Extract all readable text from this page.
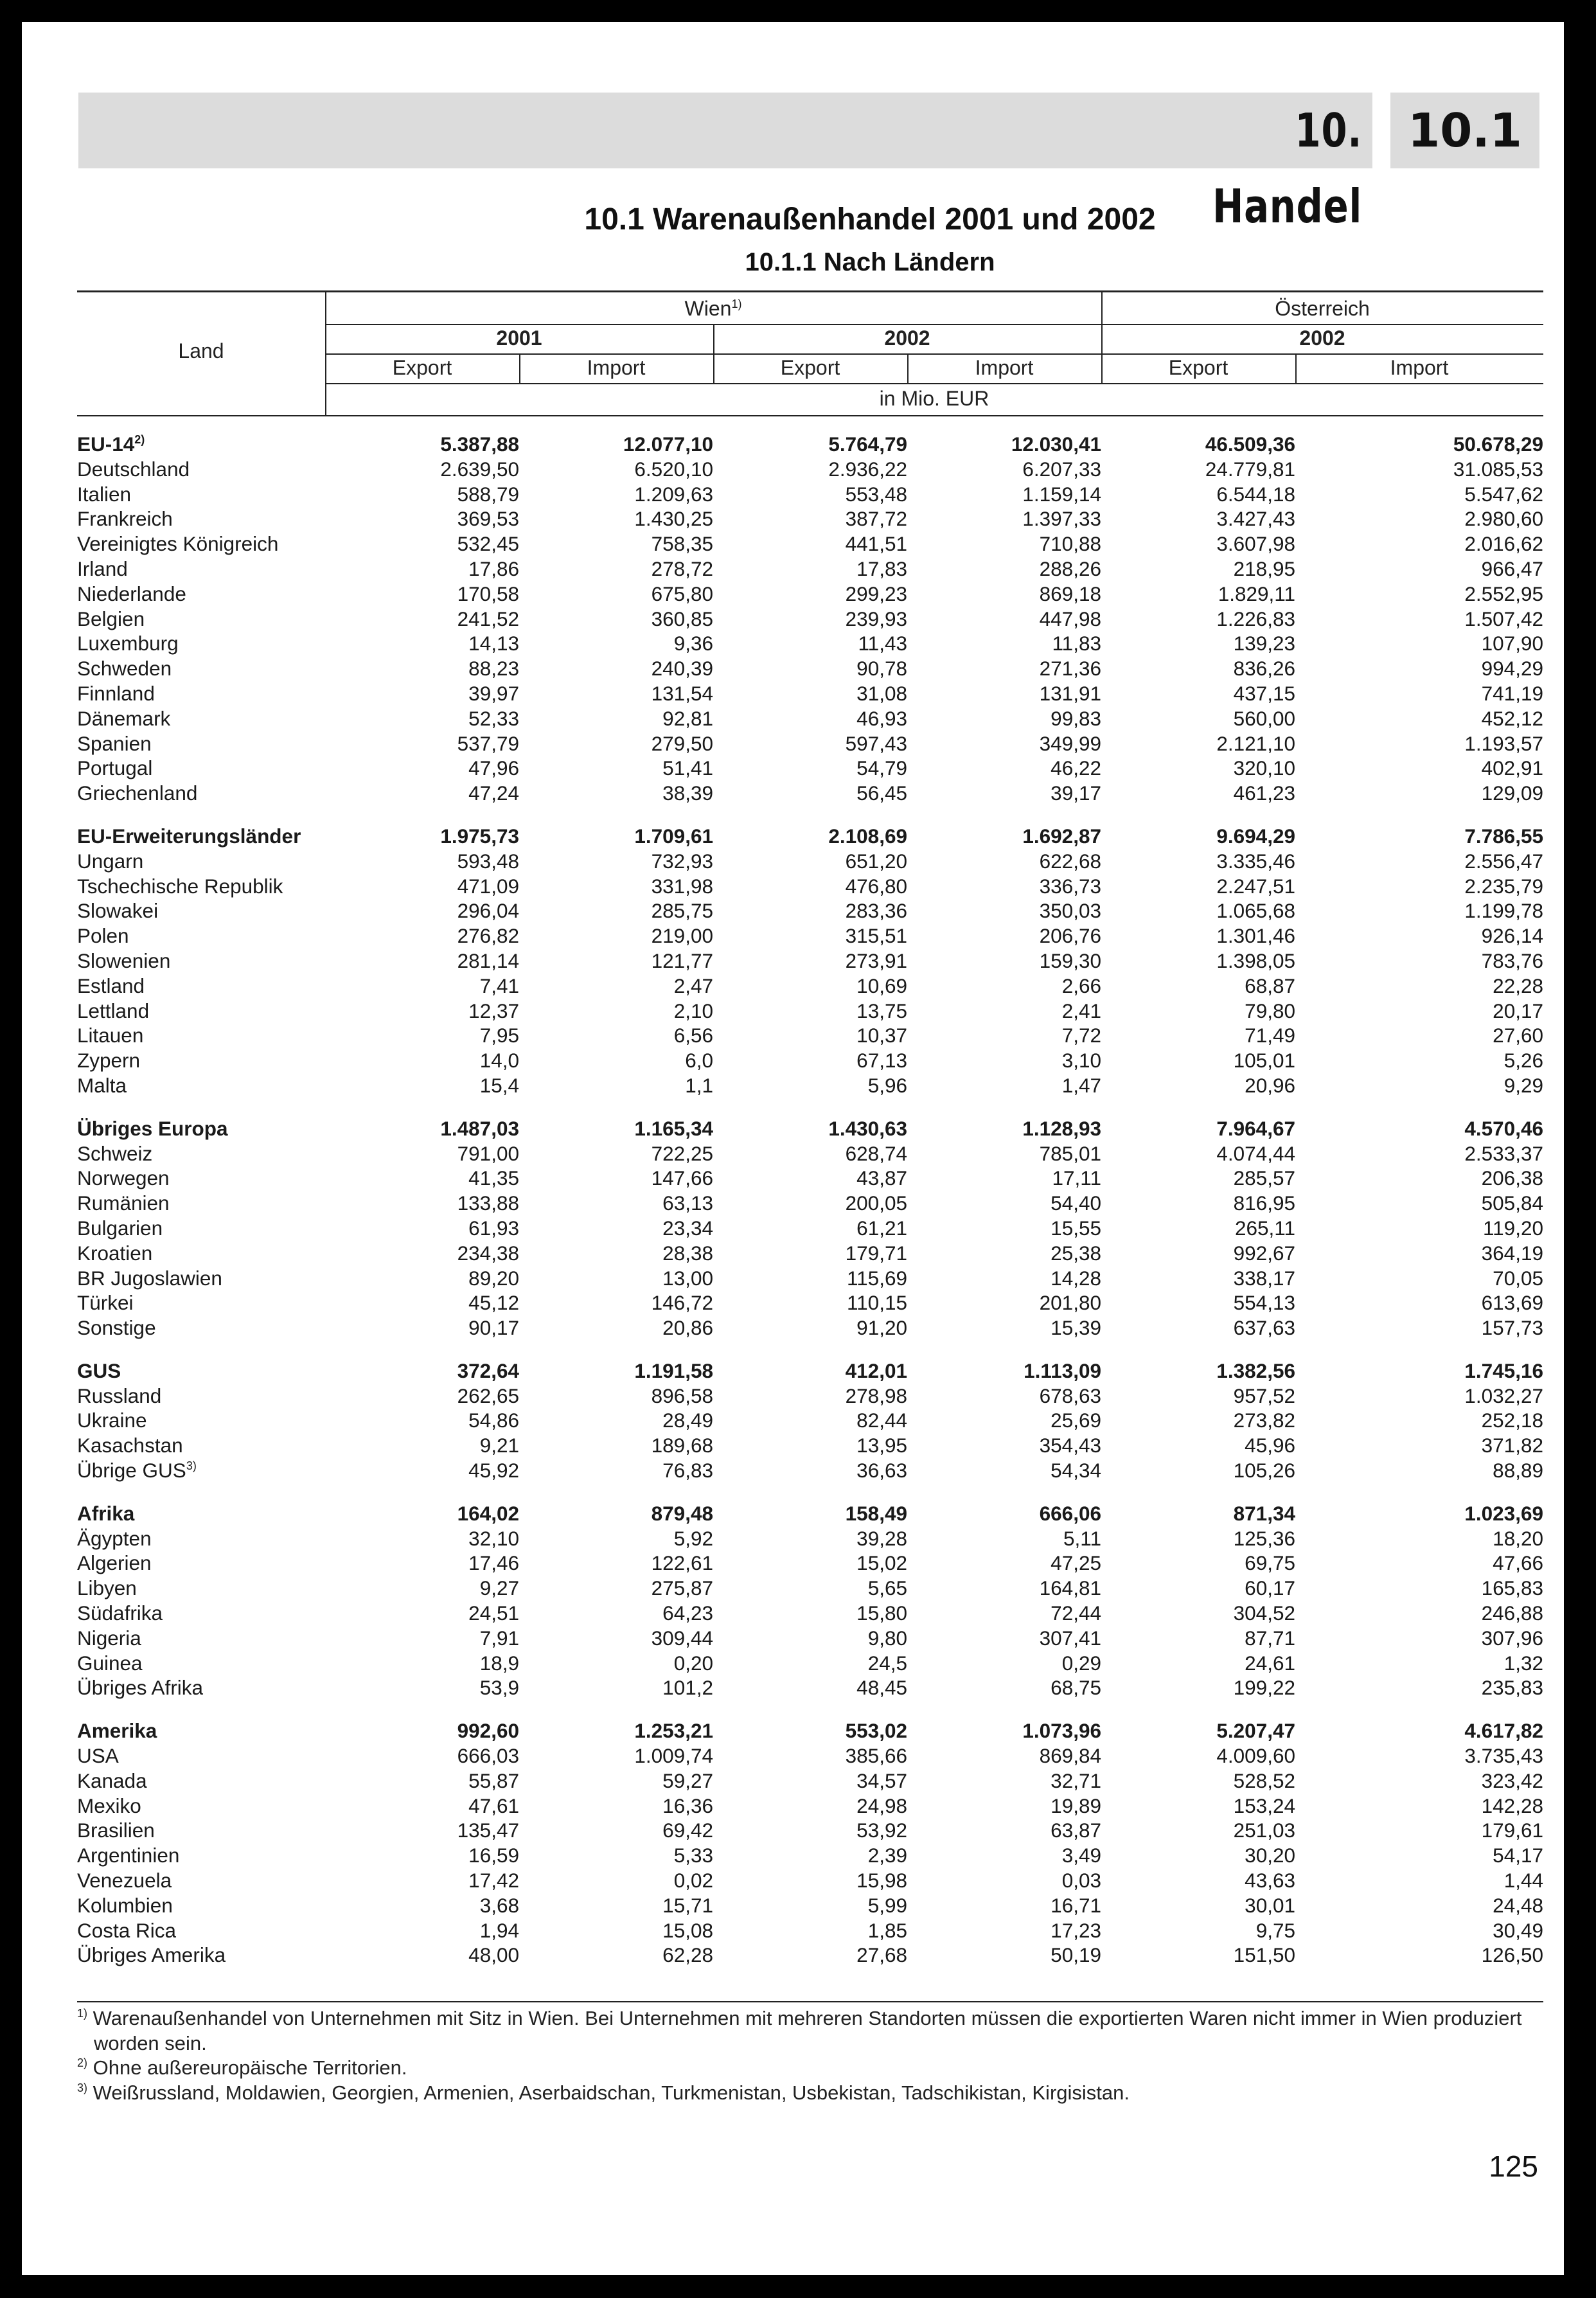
10. Handel
10.1
10.1 Warenaußenhandel 2001 und 2002
10.1.1 Nach Ländern
Land
Wien$^{1)}$	Österreich
2001	2002	2002
Export	Import	Export	Import	Export	Import
in Mio. EUR
EU-14$^{2)}$	5.387,88	12.077,10	5.764,79	12.030,41	46.509,36	50.678,29
Deutschland	2.639,50	6.520,10	2.936,22	6.207,33	24.779,81	31.085,53
Italien	588,79	1.209,63	553,48	1.159,14	6.544,18	5.547,62
Frankreich	369,53	1.430,25	387,72	1.397,33	3.427,43	2.980,60
Vereinigtes Königreich	532,45	758,35	441,51	710,88	3.607,98	2.016,62
Irland	17,86	278,72	17,83	288,26	218,95	966,47
Niederlande	170,58	675,80	299,23	869,18	1.829,11	2.552,95
Belgien	241,52	360,85	239,93	447,98	1.226,83	1.507,42
Luxemburg	14,13	9,36	11,43	11,83	139,23	107,90
Schweden	88,23	240,39	90,78	271,36	836,26	994,29
Finnland	39,97	131,54	31,08	131,91	437,15	741,19
Dänemark	52,33	92,81	46,93	99,83	560,00	452,12
Spanien	537,79	279,50	597,43	349,99	2.121,10	1.193,57
Portugal	47,96	51,41	54,79	46,22	320,10	402,91
Griechenland	47,24	38,39	56,45	39,17	461,23	129,09

EU-Erweiterungsländer	1.975,73	1.709,61	2.108,69	1.692,87	9.694,29	7.786,55
Ungarn	593,48	732,93	651,20	622,68	3.335,46	2.556,47
Tschechische Republik	471,09	331,98	476,80	336,73	2.247,51	2.235,79
Slowakei	296,04	285,75	283,36	350,03	1.065,68	1.199,78
Polen	276,82	219,00	315,51	206,76	1.301,46	926,14
Slowenien	281,14	121,77	273,91	159,30	1.398,05	783,76
Estland	7,41	2,47	10,69	2,66	68,87	22,28
Lettland	12,37	2,10	13,75	2,41	79,80	20,17
Litauen	7,95	6,56	10,37	7,72	71,49	27,60
Zypern	14,0	6,0	67,13	3,10	105,01	5,26
Malta	15,4	1,1	5,96	1,47	20,96	9,29

Übriges Europa	1.487,03	1.165,34	1.430,63	1.128,93	7.964,67	4.570,46
Schweiz	791,00	722,25	628,74	785,01	4.074,44	2.533,37
Norwegen	41,35	147,66	43,87	17,11	285,57	206,38
Rumänien	133,88	63,13	200,05	54,40	816,95	505,84
Bulgarien	61,93	23,34	61,21	15,55	265,11	119,20
Kroatien	234,38	28,38	179,71	25,38	992,67	364,19
BR Jugoslawien	89,20	13,00	115,69	14,28	338,17	70,05
Türkei	45,12	146,72	110,15	201,80	554,13	613,69
Sonstige	90,17	20,86	91,20	15,39	637,63	157,73

GUS	372,64	1.191,58	412,01	1.113,09	1.382,56	1.745,16
Russland	262,65	896,58	278,98	678,63	957,52	1.032,27
Ukraine	54,86	28,49	82,44	25,69	273,82	252,18
Kasachstan	9,21	189,68	13,95	354,43	45,96	371,82
Übrige GUS$^{3)}$	45,92	76,83	36,63	54,34	105,26	88,89

Afrika	164,02	879,48	158,49	666,06	871,34	1.023,69
Ägypten	32,10	5,92	39,28	5,11	125,36	18,20
Algerien	17,46	122,61	15,02	47,25	69,75	47,66
Libyen	9,27	275,87	5,65	164,81	60,17	165,83
Südafrika	24,51	64,23	15,80	72,44	304,52	246,88
Nigeria	7,91	309,44	9,80	307,41	87,71	307,96
Guinea	18,9	0,20	24,5	0,29	24,61	1,32
Übriges Afrika	53,9	101,2	48,45	68,75	199,22	235,83

Amerika	992,60	1.253,21	553,02	1.073,96	5.207,47	4.617,82
USA	666,03	1.009,74	385,66	869,84	4.009,60	3.735,43
Kanada	55,87	59,27	34,57	32,71	528,52	323,42
Mexiko	47,61	16,36	24,98	19,89	153,24	142,28
Brasilien	135,47	69,42	53,92	63,87	251,03	179,61
Argentinien	16,59	5,33	2,39	3,49	30,20	54,17
Venezuela	17,42	0,02	15,98	0,03	43,63	1,44
Kolumbien	3,68	15,71	5,99	16,71	30,01	24,48
Costa Rica	1,94	15,08	1,85	17,23	9,75	30,49
Übriges Amerika	48,00	62,28	27,68	50,19	151,50	126,50
$^{1)}$ Warenaußenhandel von Unternehmen mit Sitz in Wien. Bei Unternehmen mit mehreren Standorten müssen die exportierten Waren nicht immer in Wien produziert worden sein.
$^{2)}$ Ohne außereuropäische Territorien.
$^{3)}$ Weißrussland, Moldawien, Georgien, Armenien, Aserbaidschan, Turkmenistan, Usbekistan, Tadschikistan, Kirgisistan.
125
